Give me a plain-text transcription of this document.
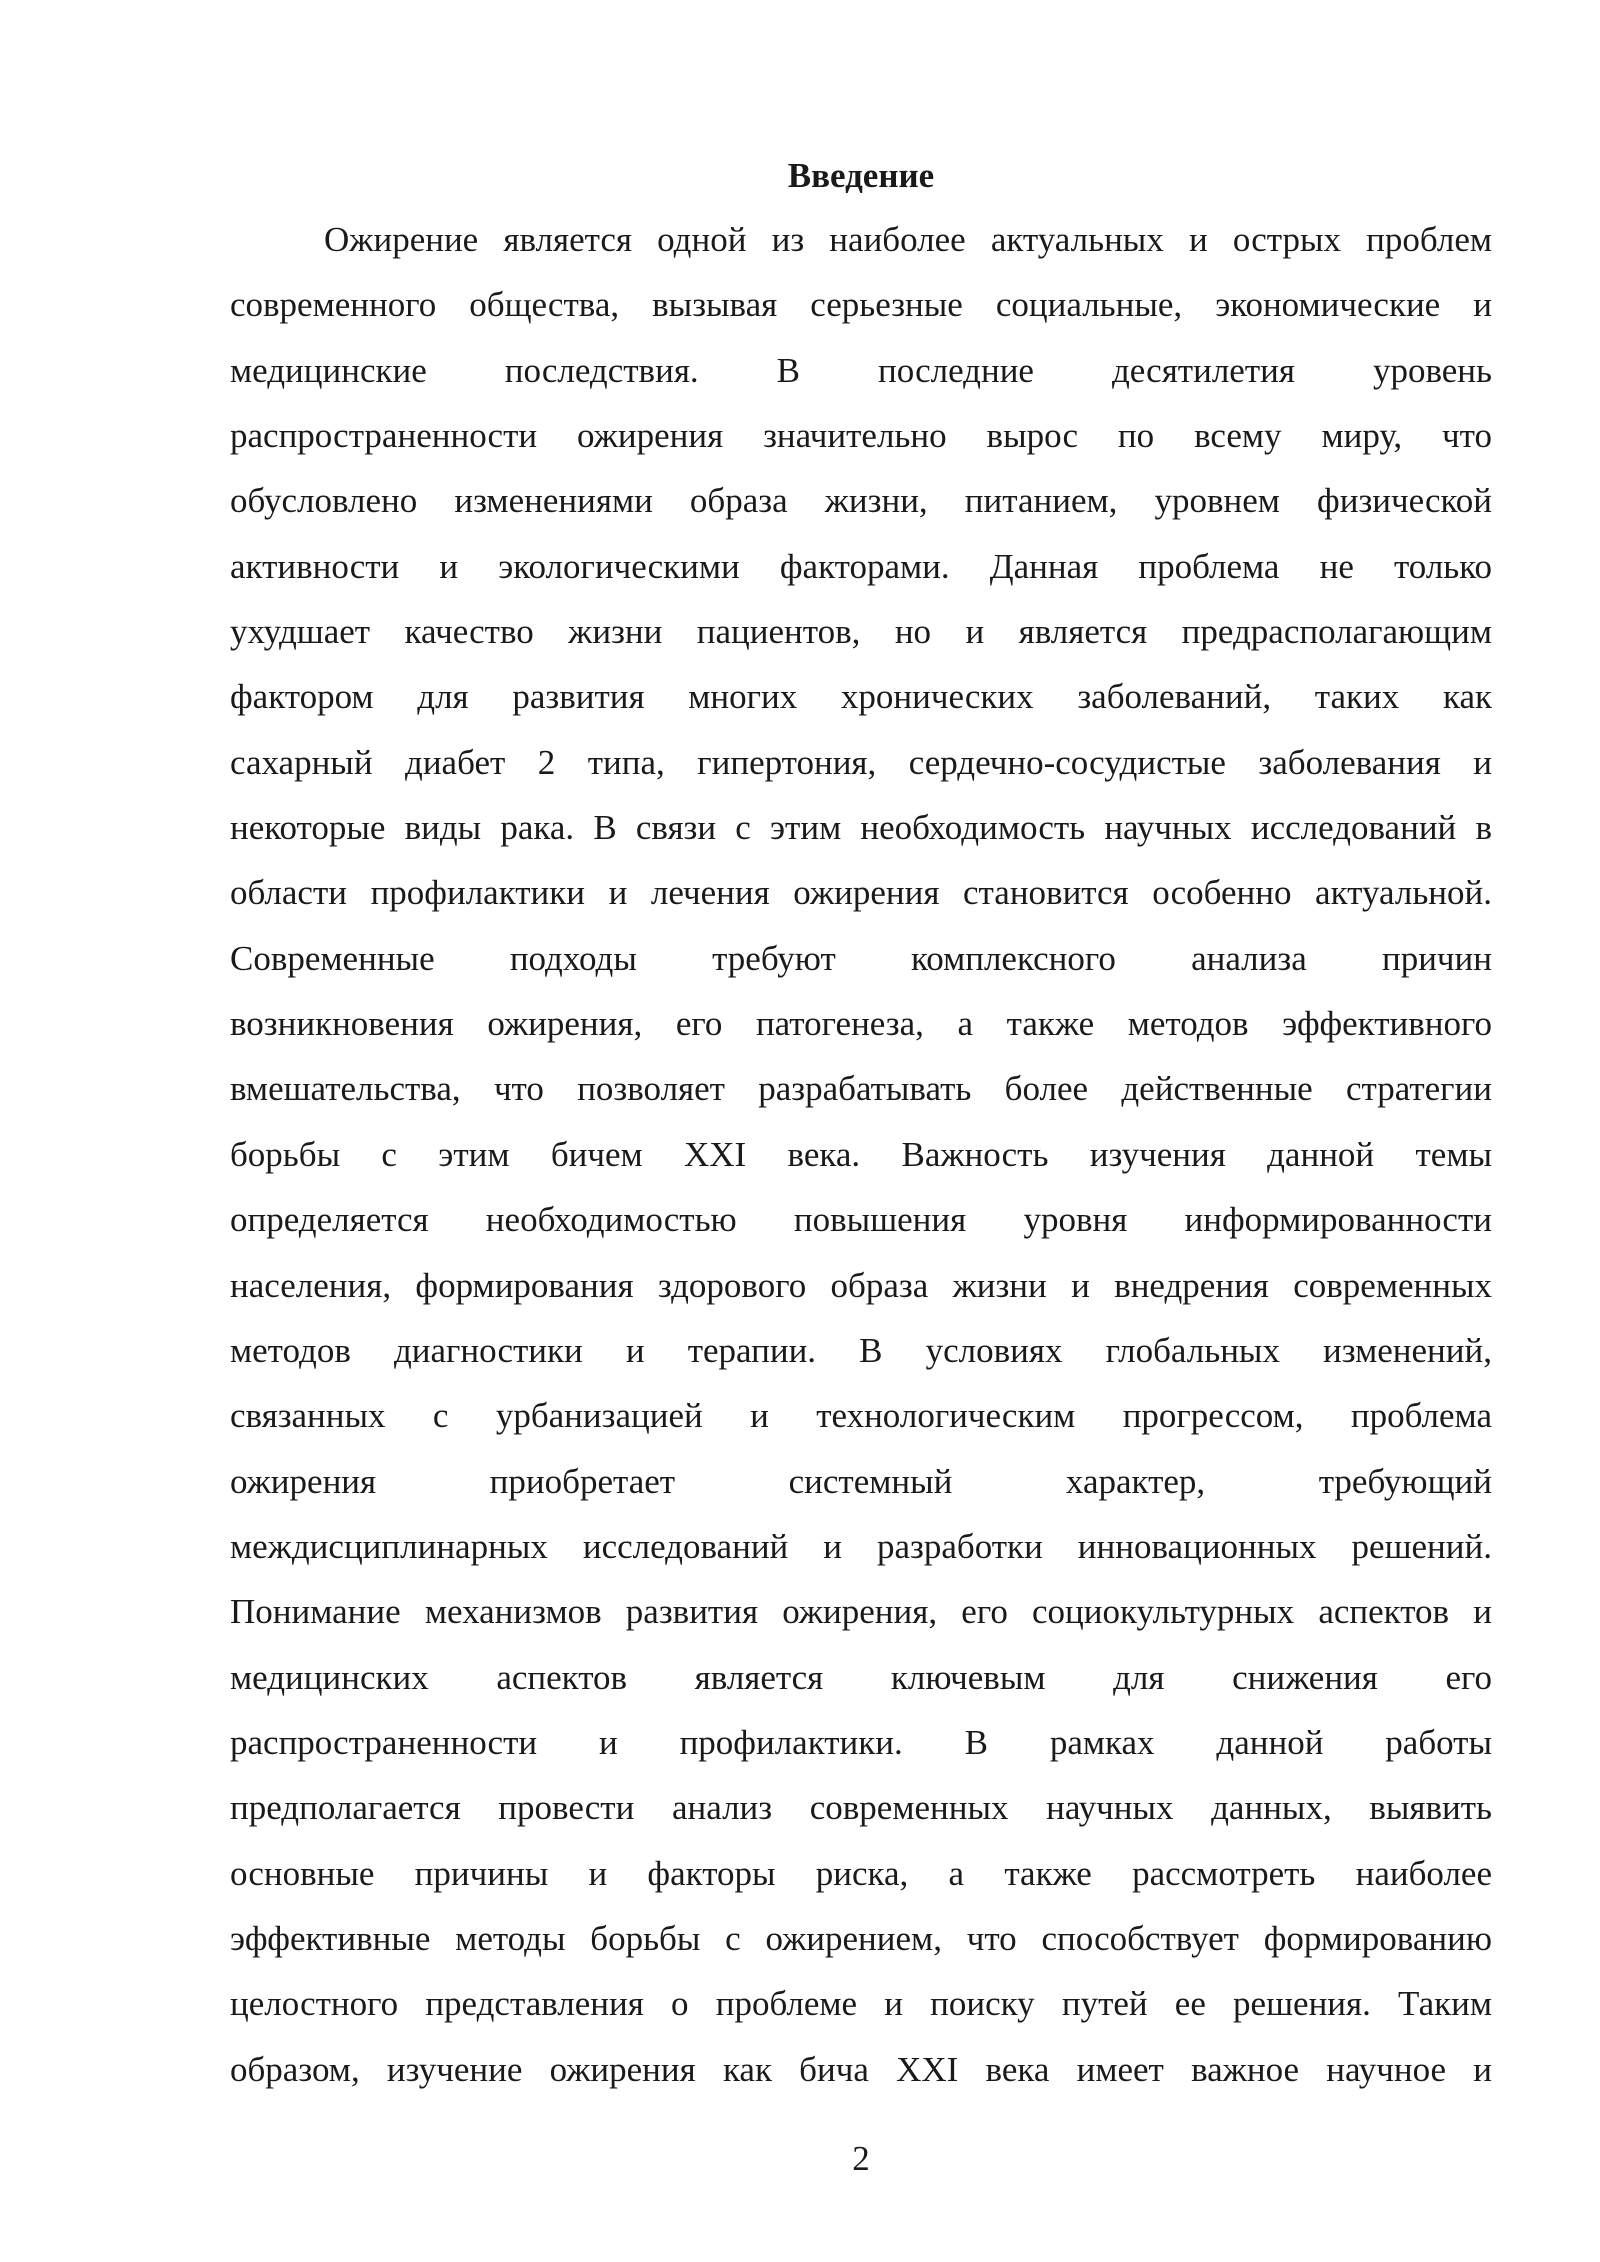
Введение
Ожирение является одной из наиболее актуальных и острых проблем
современного общества, вызывая серьезные социальные, экономические и
медицинские последствия. В последние десятилетия уровень
распространенности ожирения значительно вырос по всему миру, что
обусловлено изменениями образа жизни, питанием, уровнем физической
активности и экологическими факторами. Данная проблема не только
ухудшает качество жизни пациентов, но и является предрасполагающим
фактором для развития многих хронических заболеваний, таких как
сахарный диабет 2 типа, гипертония, сердечно-сосудистые заболевания и
некоторые виды рака. В связи с этим необходимость научных исследований в
области профилактики и лечения ожирения становится особенно актуальной.
Современные подходы требуют комплексного анализа причин
возникновения ожирения, его патогенеза, а также методов эффективного
вмешательства, что позволяет разрабатывать более действенные стратегии
борьбы с этим бичем XXI века. Важность изучения данной темы
определяется необходимостью повышения уровня информированности
населения, формирования здорового образа жизни и внедрения современных
методов диагностики и терапии. В условиях глобальных изменений,
связанных с урбанизацией и технологическим прогрессом, проблема
ожирения приобретает системный характер, требующий
междисциплинарных исследований и разработки инновационных решений.
Понимание механизмов развития ожирения, его социокультурных аспектов и
медицинских аспектов является ключевым для снижения его
распространенности и профилактики. В рамках данной работы
предполагается провести анализ современных научных данных, выявить
основные причины и факторы риска, а также рассмотреть наиболее
эффективные методы борьбы с ожирением, что способствует формированию
целостного представления о проблеме и поиску путей ее решения. Таким
образом, изучение ожирения как бича XXI века имеет важное научное и
2
